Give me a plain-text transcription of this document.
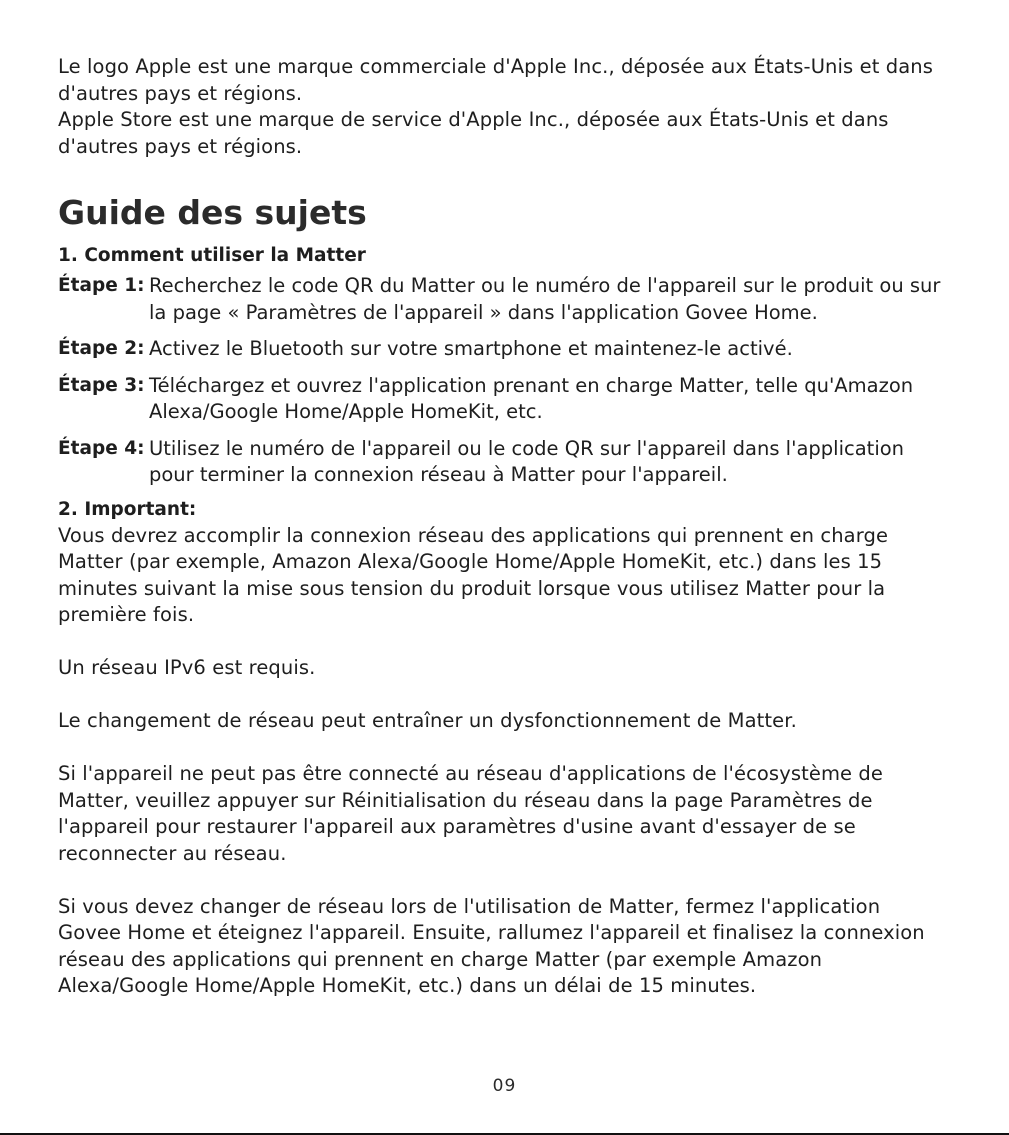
Le logo Apple est une marque commerciale d'Apple Inc., déposée aux États-Unis et dans d'autres pays et régions.

Apple Store est une marque de service d'Apple Inc., déposée aux États-Unis et dans d'autres pays et régions.

Guide des sujets
1. Comment utiliser la Matter
Étape 1: Recherchez le code QR du Matter ou le numéro de l'appareil sur le produit ou sur la page « Paramètres de l'appareil » dans l'application Govee Home.
Étape 2: Activez le Bluetooth sur votre smartphone et maintenez-le activé.
Étape 3: Téléchargez et ouvrez l'application prenant en charge Matter, telle qu'Amazon Alexa/Google Home/Apple HomeKit, etc.
Étape 4: Utilisez le numéro de l'appareil ou le code QR sur l'appareil dans l'application pour terminer la connexion réseau à Matter pour l'appareil.
2. Important:

Vous devrez accomplir la connexion réseau des applications qui prennent en charge Matter (par exemple, Amazon Alexa/Google Home/Apple HomeKit, etc.) dans les 15 minutes suivant la mise sous tension du produit lorsque vous utilisez Matter pour la première fois.

Un réseau IPv6 est requis.

Le changement de réseau peut entraîner un dysfonctionnement de Matter.

Si l'appareil ne peut pas être connecté au réseau d'applications de l'écosystème de Matter, veuillez appuyer sur Réinitialisation du réseau dans la page Paramètres de l'appareil pour restaurer l'appareil aux paramètres d'usine avant d'essayer de se reconnecter au réseau.

Si vous devez changer de réseau lors de l'utilisation de Matter, fermez l'application Govee Home et éteignez l'appareil. Ensuite, rallumez l'appareil et finalisez la connexion réseau des applications qui prennent en charge Matter (par exemple Amazon Alexa/Google Home/Apple HomeKit, etc.) dans un délai de 15 minutes.

09
